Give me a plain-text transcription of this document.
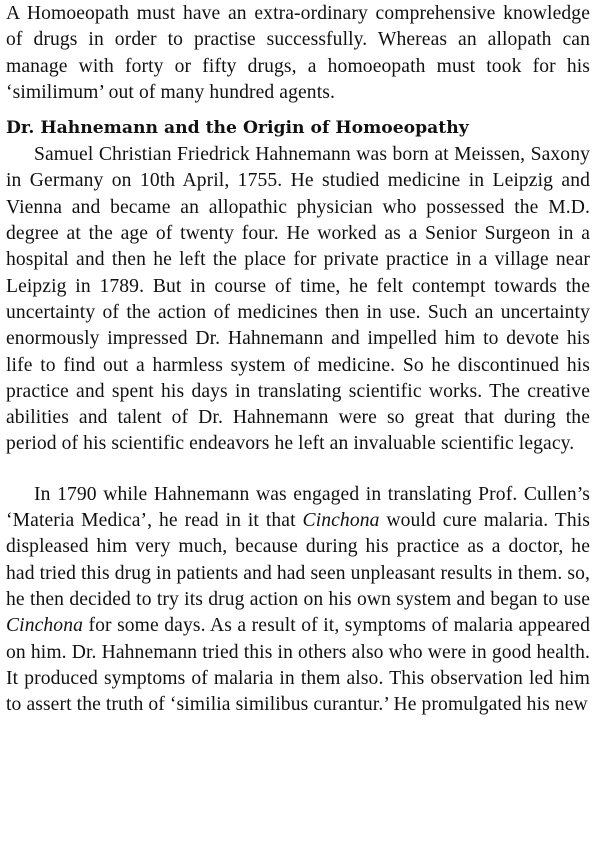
A Homoeopath must have an extra-ordinary comprehensive knowledge of drugs in order to practise successfully. Whereas an allopath can manage with forty or fifty drugs, a homoeopath must took for his ‘similimum’ out of many hundred agents.

Dr. Hahnemann and the Origin of Homoeopathy

Samuel Christian Friedrick Hahnemann was born at Meissen, Saxony in Germany on 10th April, 1755. He studied medicine in Leipzig and Vienna and became an allopathic physician who possessed the M.D. degree at the age of twenty four. He worked as a Senior Surgeon in a hospital and then he left the place for private practice in a village near Leipzig in 1789. But in course of time, he felt contempt towards the uncertainty of the action of medicines then in use. Such an uncertainty enormously impressed Dr. Hahnemann and impelled him to devote his life to find out a harmless system of medicine. So he discontinued his practice and spent his days in translating scientific works. The creative abilities and talent of Dr. Hahnemann were so great that during the period of his scientific endeavors he left an invaluable scientific legacy.

In 1790 while Hahnemann was engaged in translating Prof. Cullen’s ‘Materia Medica’, he read in it that Cinchona would cure malaria. This displeased him very much, because during his practice as a doctor, he had tried this drug in patients and had seen unpleasant results in them. so, he then decided to try its drug action on his own system and began to use Cinchona for some days. As a result of it, symptoms of malaria appeared on him. Dr. Hahnemann tried this in others also who were in good health. It produced symptoms of malaria in them also. This observation led him to assert the truth of ‘similia similibus curantur.’ He promulgated his new
